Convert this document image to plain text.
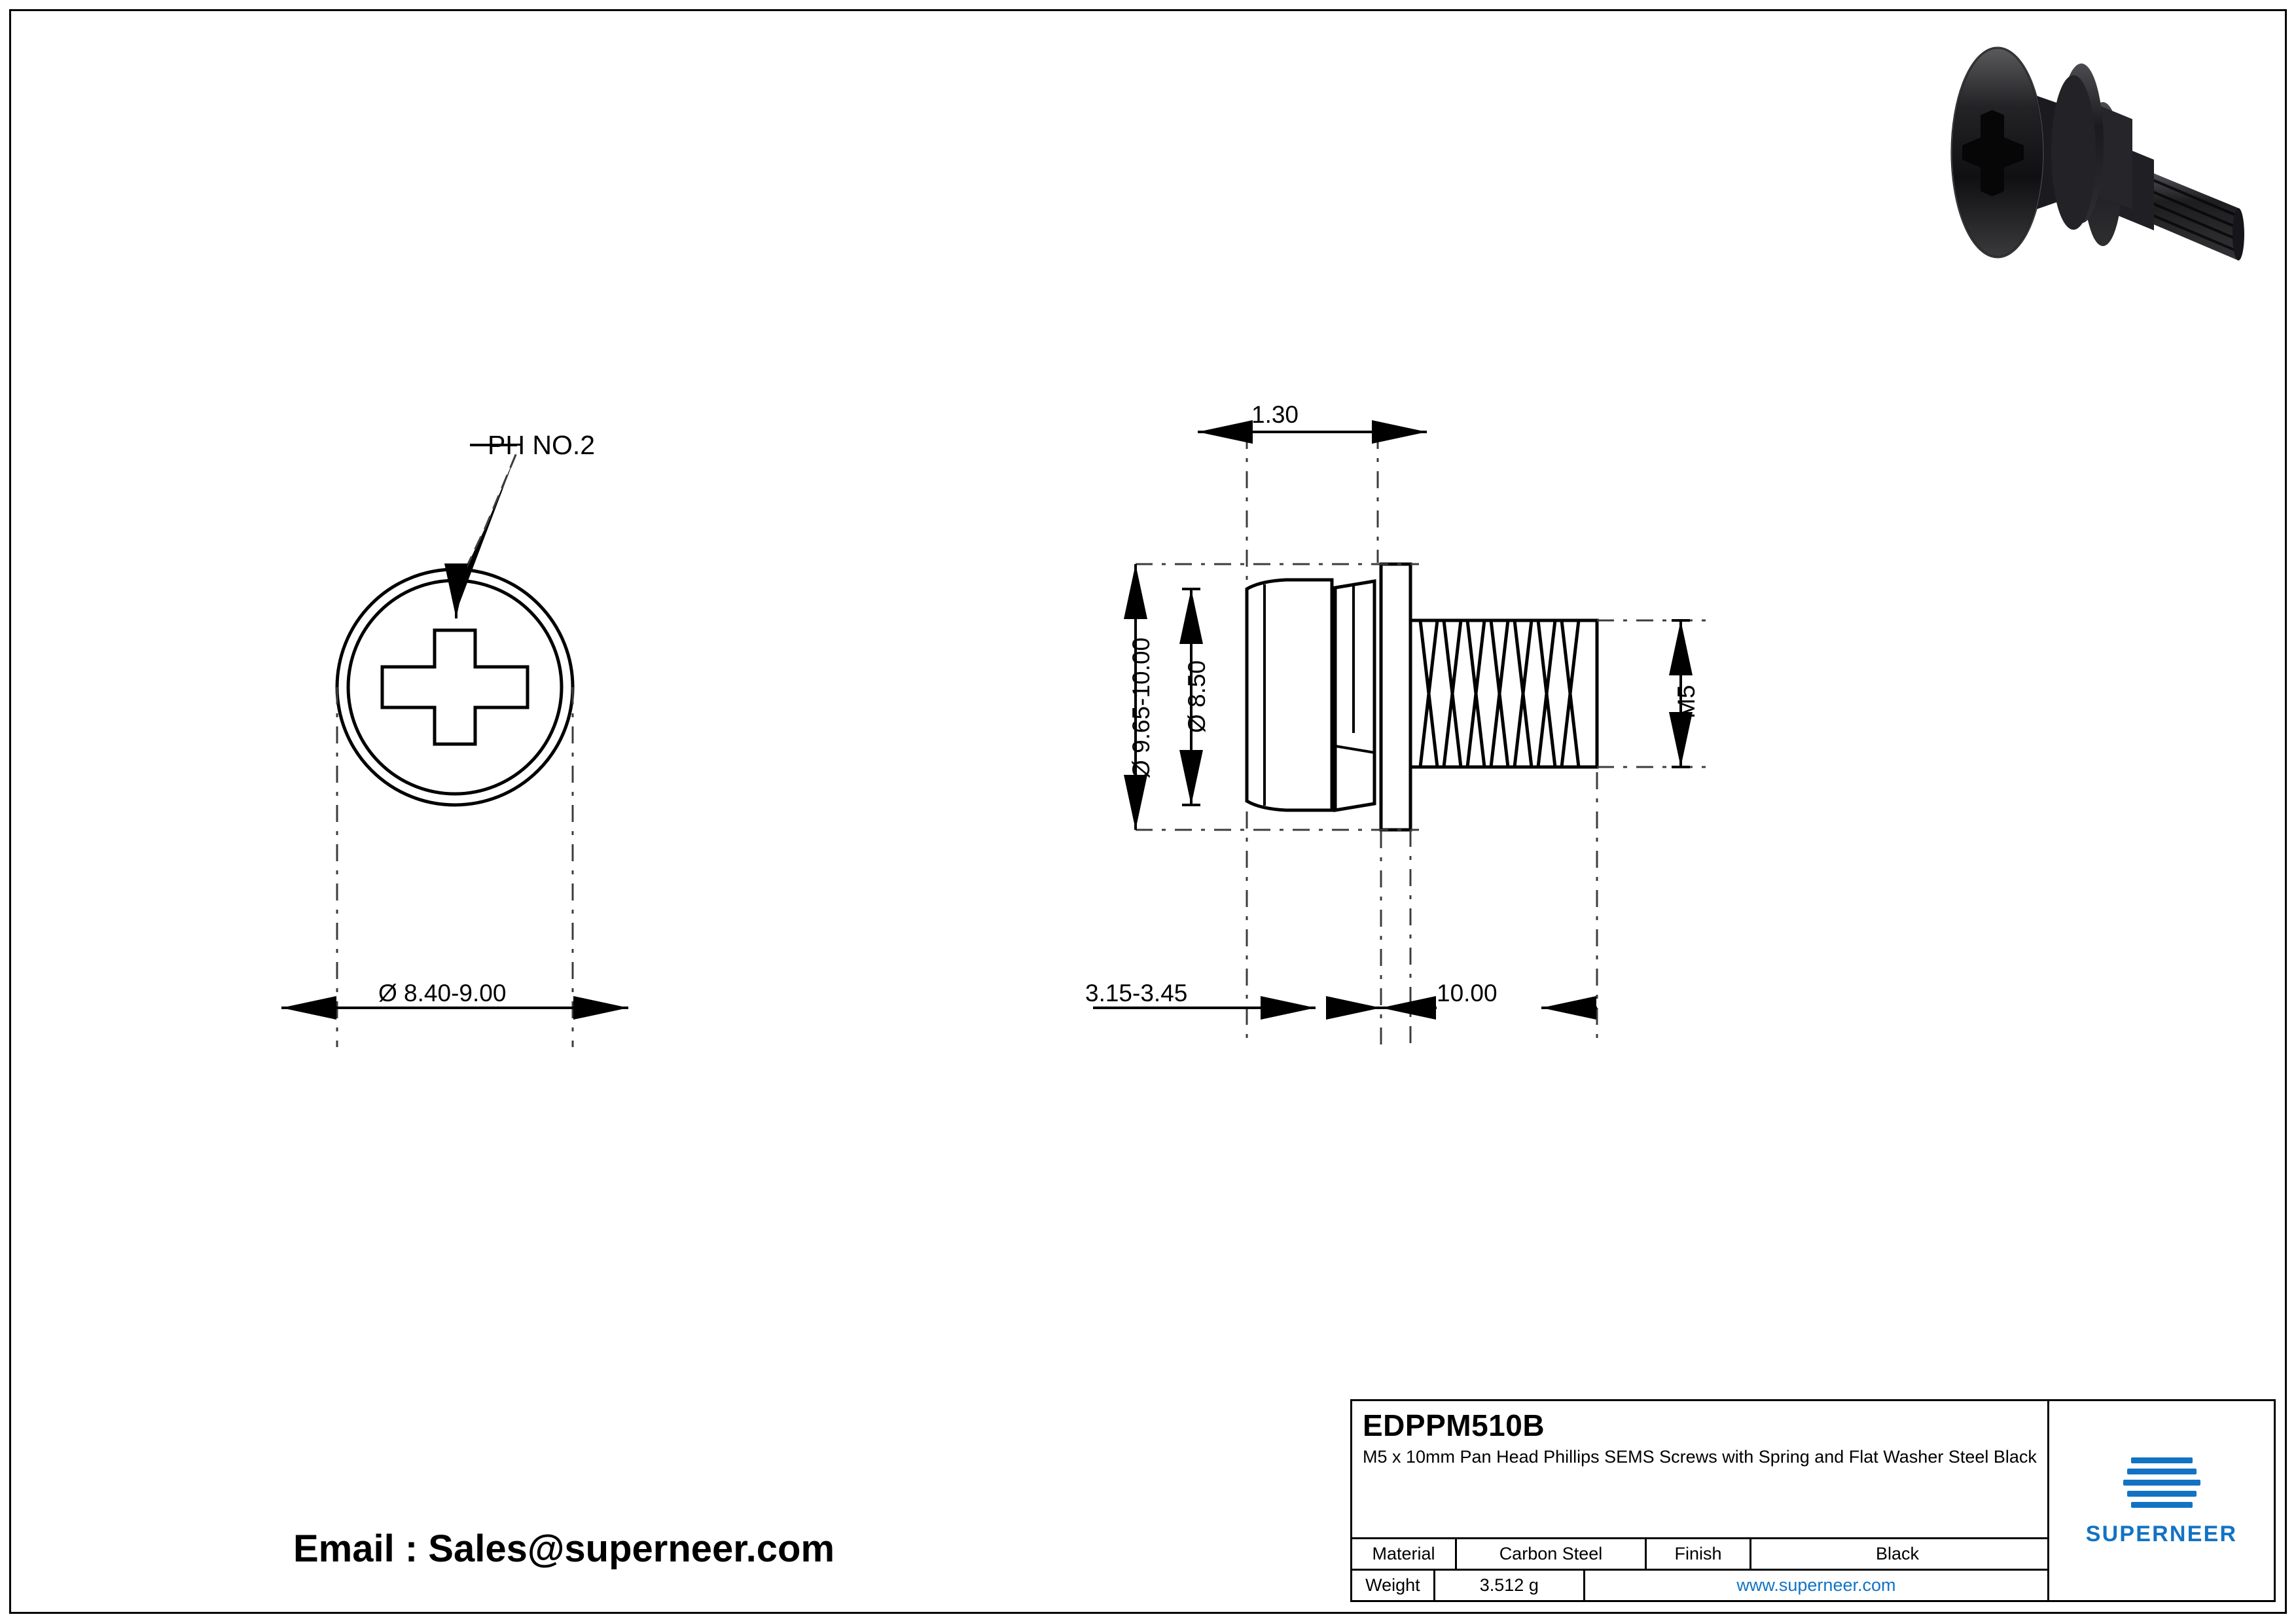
PH NO.2
Ø 8.40-9.00
Ø 9.65-10.00 Ø 8.50
1.30
3.15-3.45	10.00
M5
Email : Sales@superneer.com
EDPPM510B
M5 x 10mm Pan Head Phillips SEMS Screws with Spring and Flat Washer Steel Black
Material	Carbon Steel	Finish	Black
Weight	3.512 g	www.superneer.com
SUPERNEER
